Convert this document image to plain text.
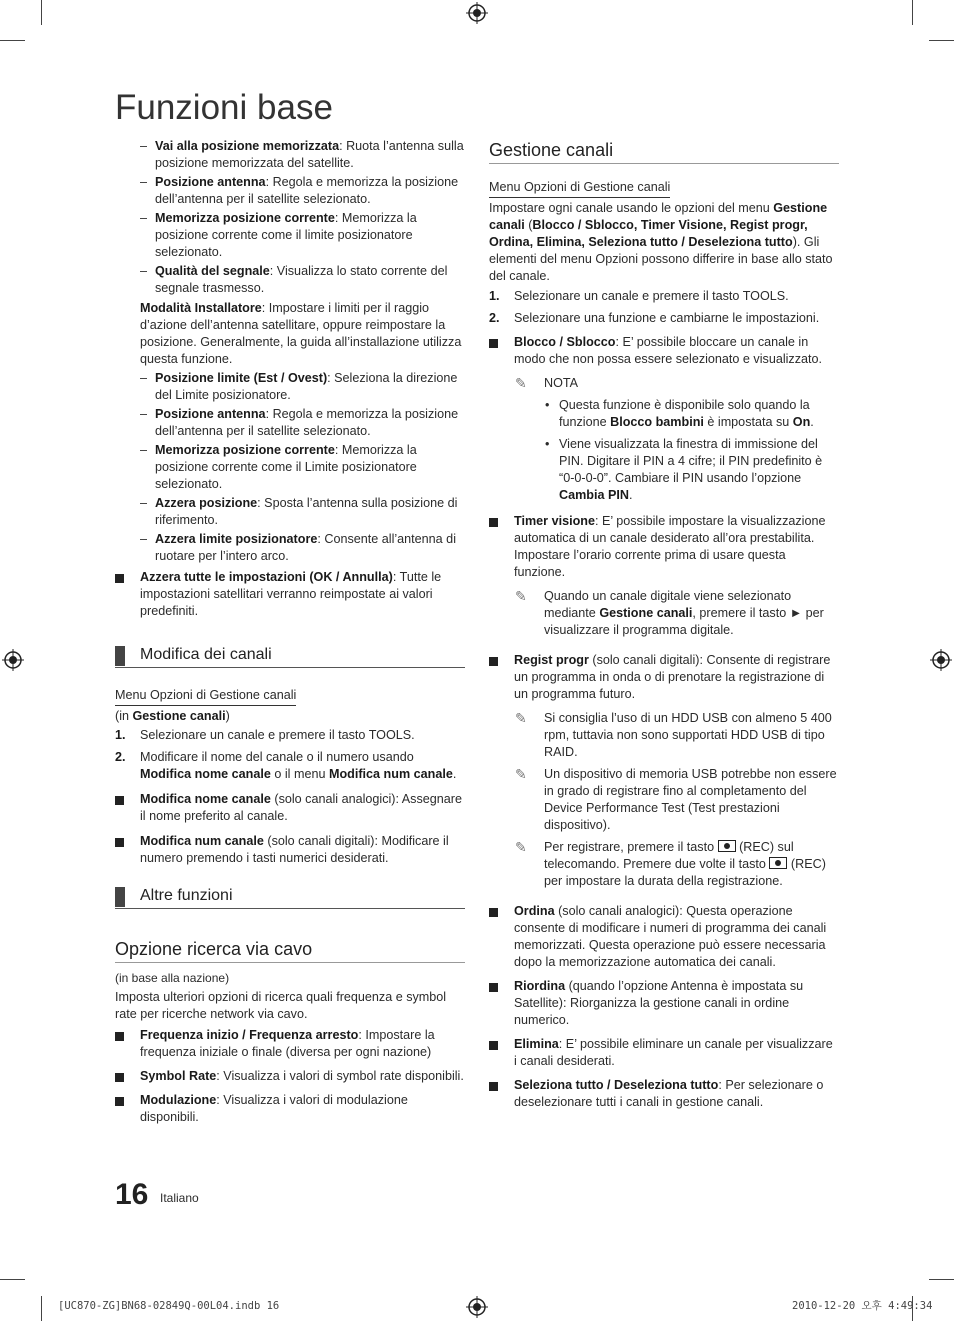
Funzioni base
– Vai alla posizione memorizzata: Ruota l’antenna sulla posizione memorizzata del satellite.
– Posizione antenna: Regola e memorizza la posizione dell’antenna per il satellite selezionato.
– Memorizza posizione corrente: Memorizza la posizione corrente come il limite posizionatore selezionato.
– Qualità del segnale: Visualizza lo stato corrente del segnale trasmesso.
Modalità Installatore: Impostare i limiti per il raggio d’azione dell’antenna satellitare, oppure reimpostare la posizione. Generalmente, la guida all’installazione utilizza questa funzione.
– Posizione limite (Est / Ovest): Seleziona la direzione del Limite posizionatore.
– Posizione antenna: Regola e memorizza la posizione dell’antenna per il satellite selezionato.
– Memorizza posizione corrente: Memorizza la posizione corrente come il Limite posizionatore selezionato.
– Azzera posizione: Sposta l’antenna sulla posizione di riferimento.
– Azzera limite posizionatore: Consente all’antenna di ruotare per l’intero arco.
Azzera tutte le impostazioni (OK / Annulla): Tutte le impostazioni satellitari verranno reimpostate ai valori predefiniti.
Modifica dei canali
Menu Opzioni di Gestione canali
(in Gestione canali)
1. Selezionare un canale e premere il tasto TOOLS.
2. Modificare il nome del canale o il numero usando Modifica nome canale o il menu Modifica num canale.
Modifica nome canale (solo canali analogici): Assegnare il nome preferito al canale.
Modifica num canale (solo canali digitali): Modificare il numero premendo i tasti numerici desiderati.
Altre funzioni
Opzione ricerca via cavo
(in base alla nazione)
Imposta ulteriori opzioni di ricerca quali frequenza e symbol rate per ricerche network via cavo.
Frequenza inizio / Frequenza arresto: Impostare la frequenza iniziale o finale (diversa per ogni nazione)
Symbol Rate: Visualizza i valori di symbol rate disponibili.
Modulazione: Visualizza i valori di modulazione disponibili.
Gestione canali
Menu Opzioni di Gestione canali
Impostare ogni canale usando le opzioni del menu Gestione canali (Blocco / Sblocco, Timer Visione, Regist progr, Ordina, Elimina, Seleziona tutto / Deseleziona tutto). Gli elementi del menu Opzioni possono differire in base allo stato del canale.
1. Selezionare un canale e premere il tasto TOOLS.
2. Selezionare una funzione e cambiarne le impostazioni.
Blocco / Sblocco: E’ possibile bloccare un canale in modo che non possa essere selezionato e visualizzato.
✎ NOTA
• Questa funzione è disponibile solo quando la funzione Blocco bambini è impostata su On.
• Viene visualizzata la finestra di immissione del PIN. Digitare il PIN a 4 cifre; il PIN predefinito è “0-0-0-0”. Cambiare il PIN usando l’opzione Cambia PIN.
Timer visione: E’ possibile impostare la visualizzazione automatica di un canale desiderato all’ora prestabilita. Impostare l’orario corrente prima di usare questa funzione.
✎ Quando un canale digitale viene selezionato mediante Gestione canali, premere il tasto ► per visualizzare il programma digitale.
Regist progr (solo canali digitali): Consente di registrare un programma in onda o di prenotare la registrazione di un programma futuro.
✎ Si consiglia l’uso di un HDD USB con almeno 5 400 rpm, tuttavia non sono supportati HDD USB di tipo RAID.
✎ Un dispositivo di memoria USB potrebbe non essere in grado di registrare fino al completamento del Device Performance Test (Test prestazioni dispositivo).
✎ Per registrare, premere il tasto  (REC) sul telecomando. Premere due volte il tasto  (REC) per impostare la durata della registrazione.
Ordina (solo canali analogici): Questa operazione consente di modificare i numeri di programma dei canali memorizzati. Questa operazione può essere necessaria dopo la memorizzazione automatica dei canali.
Riordina (quando l’opzione Antenna è impostata su Satellite): Riorganizza la gestione canali in ordine numerico.
Elimina: E’ possibile eliminare un canale per visualizzare i canali desiderati.
Seleziona tutto / Deseleziona tutto: Per selezionare o deselezionare tutti i canali in gestione canali.
16 Italiano
[UC870-ZG]BN68-02849Q-00L04.indb 16	2010-12-20 오후 4:49:34
